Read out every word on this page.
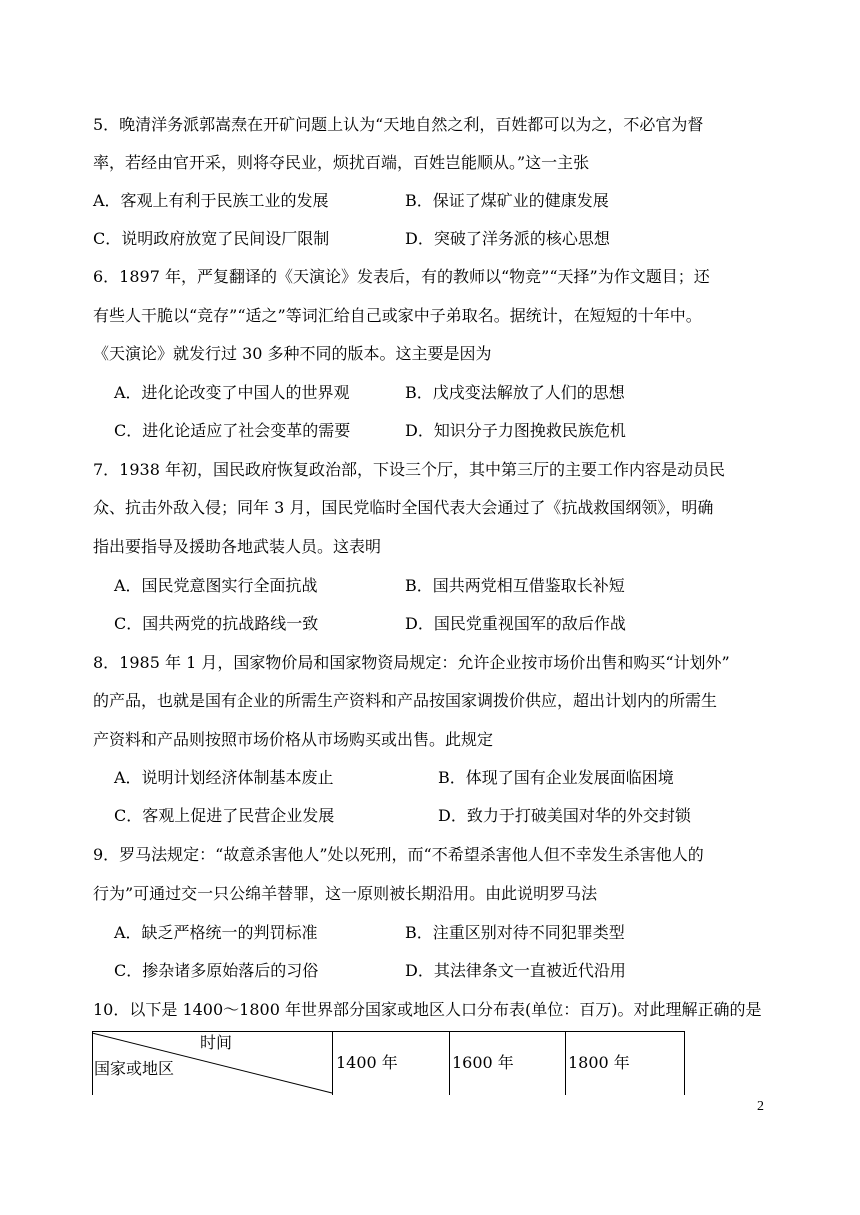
5．晚清洋务派郭嵩焘在开矿问题上认为“天地自然之利，百姓都可以为之，不必官为督
率，若经由官开采，则将夺民业，烦扰百端，百姓岂能顺从。”这一主张
A．客观上有利于民族工业的发展	B．保证了煤矿业的健康发展
C．说明政府放宽了民间设厂限制	D．突破了洋务派的核心思想
6．1897 年，严复翻译的《天演论》发表后，有的教师以“物竞”“天择”为作文题目；还
有些人干脆以“竞存”“适之”等词汇给自己或家中子弟取名。据统计，在短短的十年中。
《天演论》就发行过 30 多种不同的版本。这主要是因为
A．进化论改变了中国人的世界观	B．戊戌变法解放了人们的思想
C．进化论适应了社会变革的需要	D．知识分子力图挽救民族危机
7．1938 年初，国民政府恢复政治部，下设三个厅，其中第三厅的主要工作内容是动员民
众、抗击外敌入侵；同年 3 月，国民党临时全国代表大会通过了《抗战救国纲领》，明确
指出要指导及援助各地武装人员。这表明
A．国民党意图实行全面抗战	B．国共两党相互借鉴取长补短
C．国共两党的抗战路线一致	D．国民党重视国军的敌后作战
8．1985 年 1 月，国家物价局和国家物资局规定：允许企业按市场价出售和购买“计划外”
的产品，也就是国有企业的所需生产资料和产品按国家调拨价供应，超出计划内的所需生
产资料和产品则按照市场价格从市场购买或出售。此规定
A．说明计划经济体制基本废止	B．体现了国有企业发展面临困境
C．客观上促进了民营企业发展	D．致力于打破美国对华的外交封锁
9．罗马法规定：“故意杀害他人”处以死刑，而“不希望杀害他人但不幸发生杀害他人的
行为”可通过交一只公绵羊替罪，这一原则被长期沿用。由此说明罗马法
A．缺乏严格统一的判罚标准	B．注重区别对待不同犯罪类型
C．掺杂诸多原始落后的习俗	D．其法律条文一直被近代沿用
10．以下是 1400～1800 年世界部分国家或地区人口分布表(单位：百万)。对此理解正确的是
时间
国家或地区	1400 年	1600 年	1800 年
2
